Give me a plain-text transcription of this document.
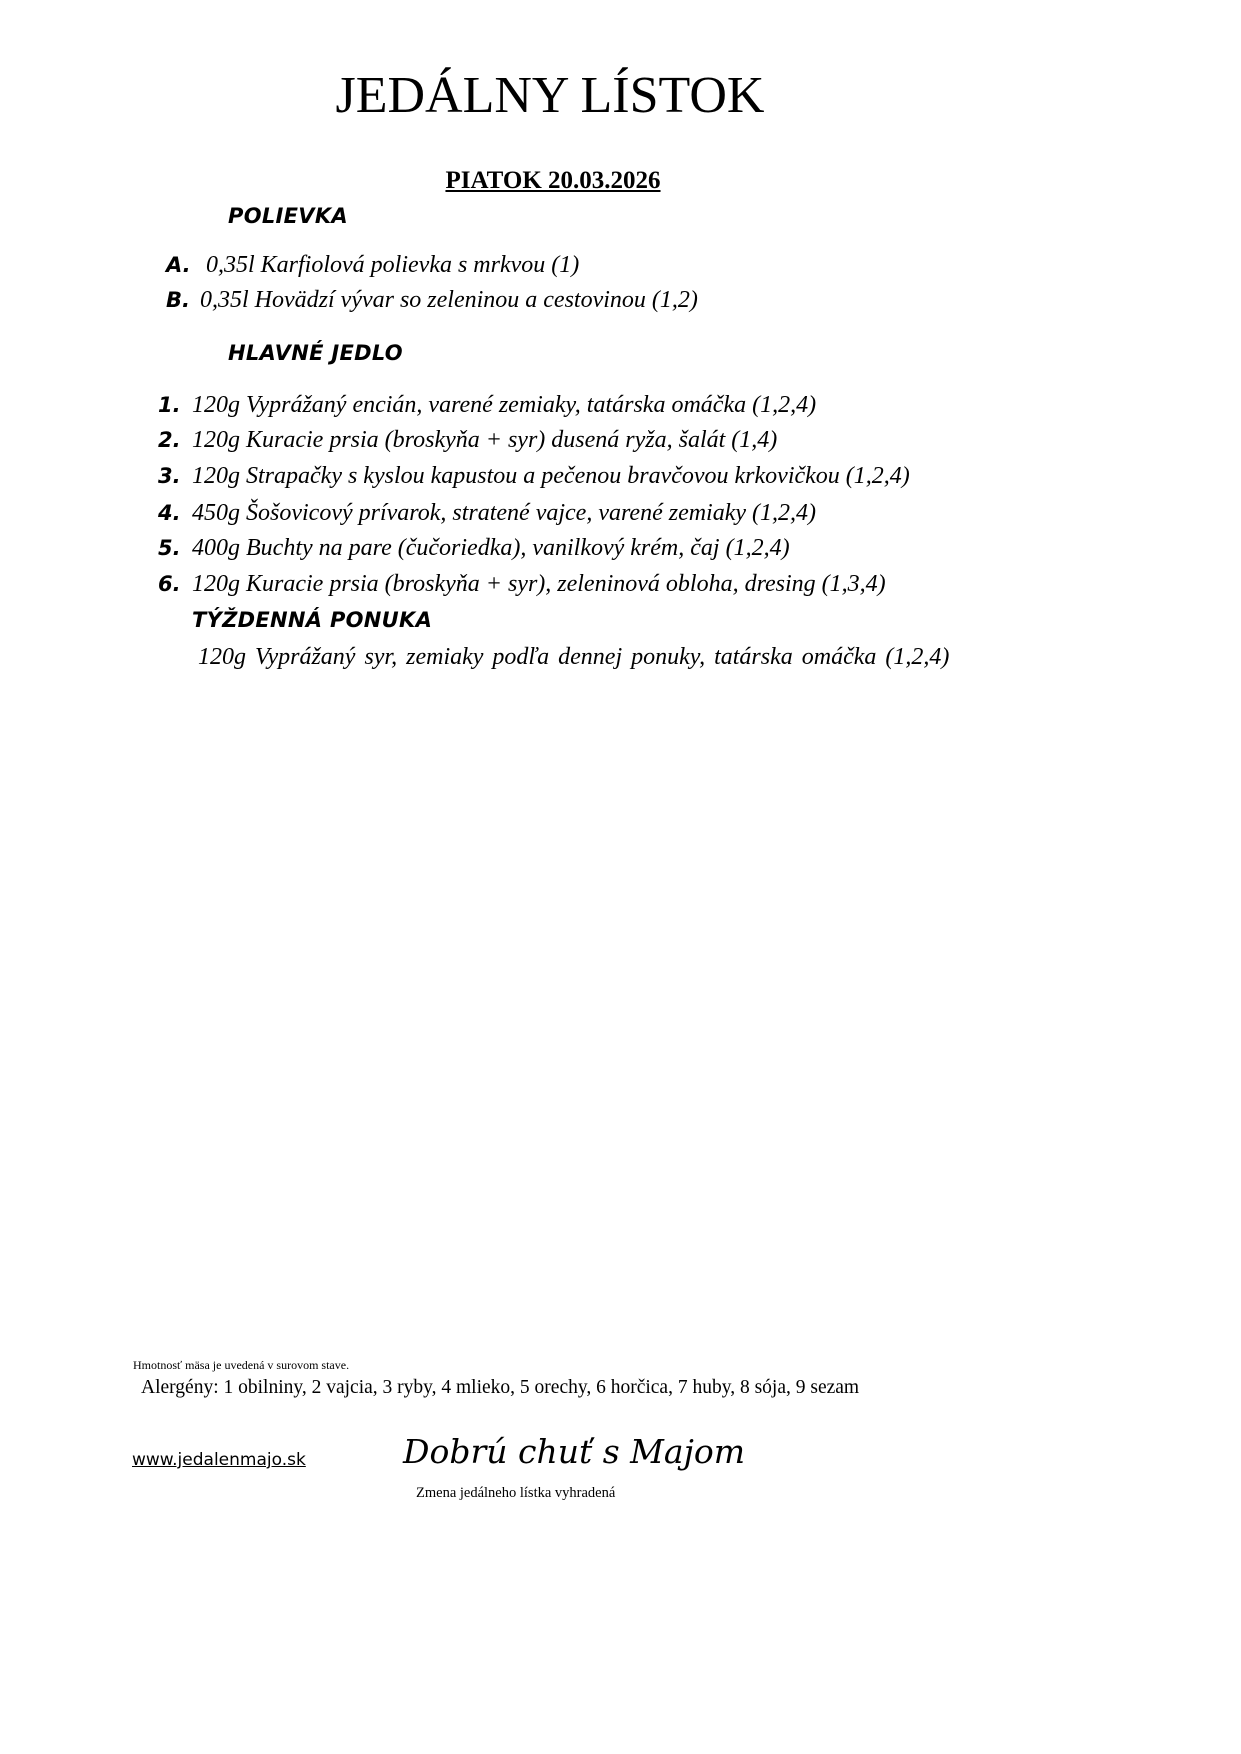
JEDÁLNY LÍSTOK
PIATOK 20.03.2026
POLIEVKA
A. 0,35l Karfiolová polievka s mrkvou (1)
B. 0,35l Hovädzí vývar so zeleninou a cestovinou (1,2)
HLAVNÉ JEDLO
1. 120g Vyprážaný encián, varené zemiaky, tatárska omáčka (1,2,4)
2. 120g Kuracie prsia (broskyňa + syr) dusená ryža, šalát (1,4)
3. 120g Strapačky s kyslou kapustou a pečenou bravčovou krkovičkou (1,2,4)
4. 450g Šošovicový prívarok, stratené vajce, varené zemiaky (1,2,4)
5. 400g Buchty na pare (čučoriedka), vanilkový krém, čaj (1,2,4)
6. 120g Kuracie prsia (broskyňa + syr), zeleninová obloha, dresing (1,3,4)
TÝŽDENNÁ PONUKA
120g Vyprážaný syr, zemiaky podľa dennej ponuky, tatárska omáčka (1,2,4)
Hmotnosť mäsa je uvedená v surovom stave.
Alergény: 1 obilniny, 2 vajcia, 3 ryby, 4 mlieko, 5 orechy, 6 horčica, 7 huby, 8 sója, 9 sezam
www.jedalenmajo.sk	Dobrú chuť s Majom
Zmena jedálneho lístka vyhradená
